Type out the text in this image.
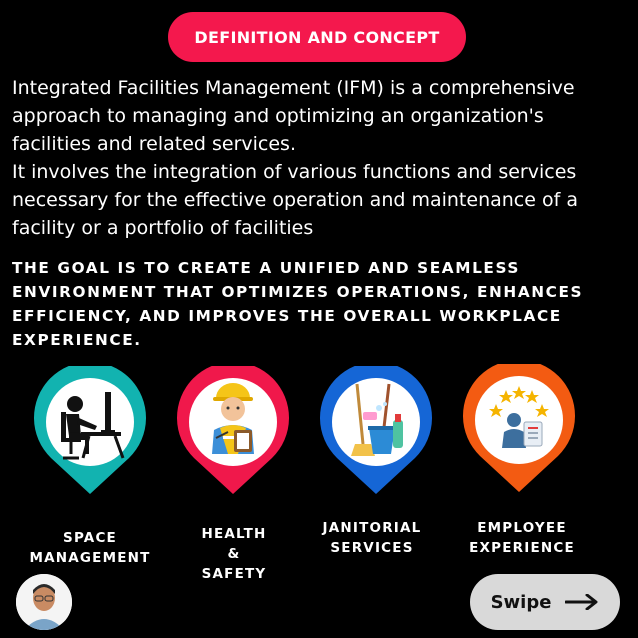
DEFINITION AND CONCEPT

Integrated Facilities Management (IFM) is a comprehensive approach to managing and optimizing an organization's facilities and related services.

It involves the integration of various functions and services necessary for the effective operation and maintenance of a facility or a portfolio of facilities

THE GOAL IS TO CREATE A UNIFIED AND SEAMLESS ENVIRONMENT THAT OPTIMIZES OPERATIONS, ENHANCES EFFICIENCY, AND IMPROVES THE OVERALL WORKPLACE EXPERIENCE.
SPACE
MANAGEMENT
HEALTH
&
SAFETY
JANITORIAL
SERVICES
EMPLOYEE
EXPERIENCE
Swipe
